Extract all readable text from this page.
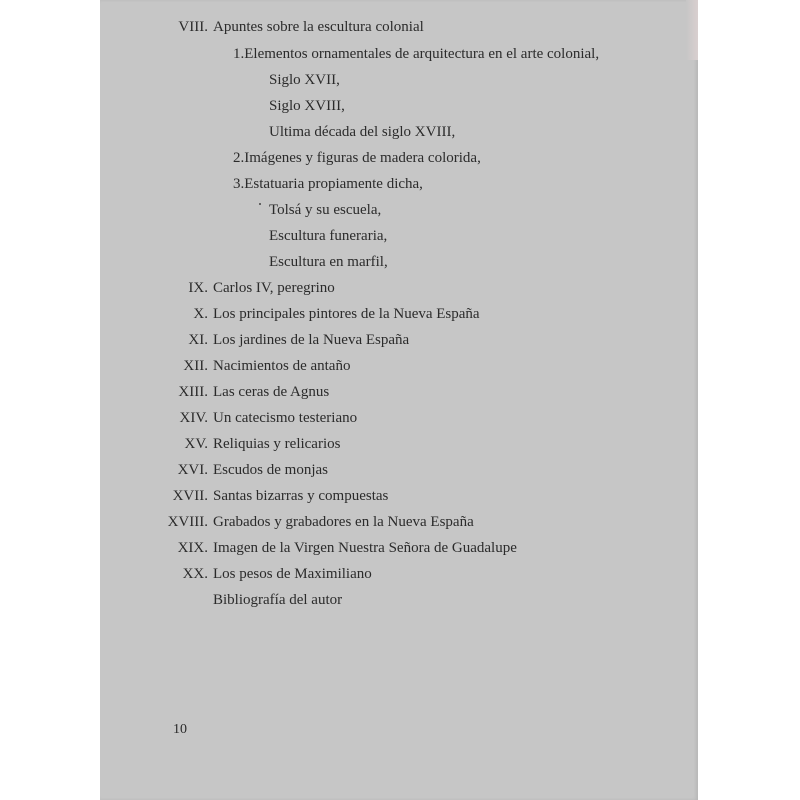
VIII. Apuntes sobre la escultura colonial
1.Elementos ornamentales de arquitectura en el arte colonial,
Siglo XVII,
Siglo XVIII,
Ultima década del siglo XVIII,
2.Imágenes y figuras de madera colorida,
3.Estatuaria propiamente dicha,
Tolsá y su escuela,
Escultura funeraria,
Escultura en marfil,
IX. Carlos IV, peregrino
X. Los principales pintores de la Nueva España
XI. Los jardines de la Nueva España
XII. Nacimientos de antaño
XIII. Las ceras de Agnus
XIV. Un catecismo testeriano
XV. Reliquias y relicarios
XVI. Escudos de monjas
XVII. Santas bizarras y compuestas
XVIII. Grabados y grabadores en la Nueva España
XIX. Imagen de la Virgen Nuestra Señora de Guadalupe
XX. Los pesos de Maximiliano
Bibliografía del autor
10
